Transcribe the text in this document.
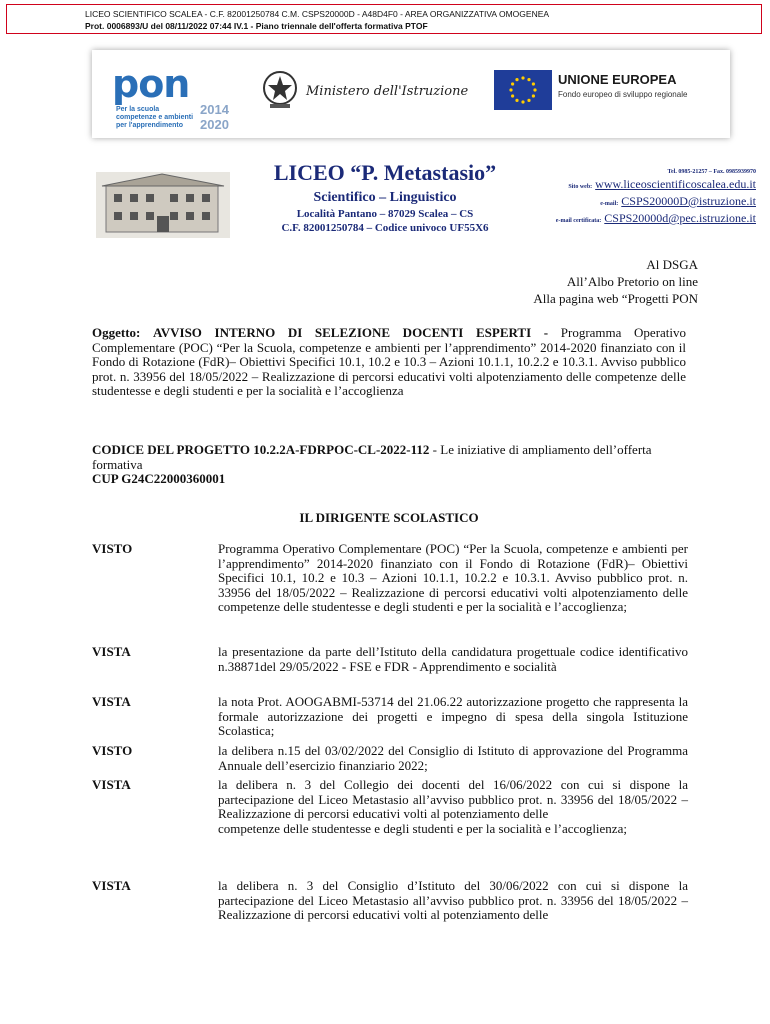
LICEO SCIENTIFICO SCALEA - C.F. 82001250784 C.M. CSPS20000D - A48D4F0 - AREA ORGANIZZATIVA OMOGENEA
Prot. 0006893/U del 08/11/2022 07:44 IV.1 - Piano triennale dell'offerta formativa PTOF
pon
Per la scuola
competenze e ambienti
per l'apprendimento
2014 2020
Ministero dell'Istruzione
UNIONE EUROPEA
Fondo europeo di sviluppo regionale
LICEO “P. Metastasio”
Scientifico – Linguistico
Località Pantano – 87029 Scalea – CS
C.F. 82001250784 – Codice univoco UF55X6
Tel. 0985-21257 – Fax. 0985939970
Sito web: www.liceoscientificoscalea.edu.it
e-mail: CSPS20000D@istruzione.it
e-mail certificata: CSPS20000d@pec.istruzione.it
Al DSGA
All’Albo Pretorio on line
Alla pagina web “Progetti PON
Oggetto: AVVISO INTERNO DI SELEZIONE DOCENTI ESPERTI - Programma Operativo Complementare (POC) “Per la Scuola, competenze e ambienti per l’apprendimento” 2014-2020 finanziato con il Fondo di Rotazione (FdR)– Obiettivi Specifici 10.1, 10.2 e 10.3 – Azioni 10.1.1, 10.2.2 e 10.3.1. Avviso pubblico prot. n. 33956 del 18/05/2022 – Realizzazione di percorsi educativi volti alpotenziamento delle competenze delle studentesse e degli studenti e per la socialità e l’accoglienza
CODICE DEL PROGETTO 10.2.2A-FDRPOC-CL-2022-112 - Le iniziative di ampliamento dell’offerta formativa
CUP G24C22000360001
IL DIRIGENTE SCOLASTICO
VISTO	Programma Operativo Complementare (POC) “Per la Scuola, competenze e ambienti per l’apprendimento” 2014-2020 finanziato con il Fondo di Rotazione (FdR)– Obiettivi Specifici 10.1, 10.2 e 10.3 – Azioni 10.1.1, 10.2.2 e 10.3.1. Avviso pubblico prot. n. 33956 del 18/05/2022 – Realizzazione di percorsi educativi volti alpotenziamento delle competenze delle studentesse e degli studenti e per la socialità e l’accoglienza;
VISTA	la presentazione da parte dell’Istituto della candidatura progettuale codice identificativo n.38871del 29/05/2022 - FSE e FDR - Apprendimento e socialità
VISTA	la nota Prot. AOOGABMI-53714 del 21.06.22 autorizzazione progetto che rappresenta la formale autorizzazione dei progetti e impegno di spesa della singola Istituzione Scolastica;
VISTO	la delibera n.15 del 03/02/2022 del Consiglio di Istituto di approvazione del Programma Annuale dell’esercizio finanziario 2022;
VISTA	la delibera n. 3 del Collegio dei docenti del 16/06/2022 con cui si dispone la partecipazione del Liceo Metastasio all’avviso pubblico prot. n. 33956 del 18/05/2022 – Realizzazione di percorsi educativi volti al potenziamento delle
competenze delle studentesse e degli studenti e per la socialità e l’accoglienza;
VISTA	la delibera n. 3 del Consiglio d’Istituto del 30/06/2022 con cui si dispone la partecipazione del Liceo Metastasio all’avviso pubblico prot. n. 33956 del 18/05/2022 – Realizzazione di percorsi educativi volti al potenziamento delle
